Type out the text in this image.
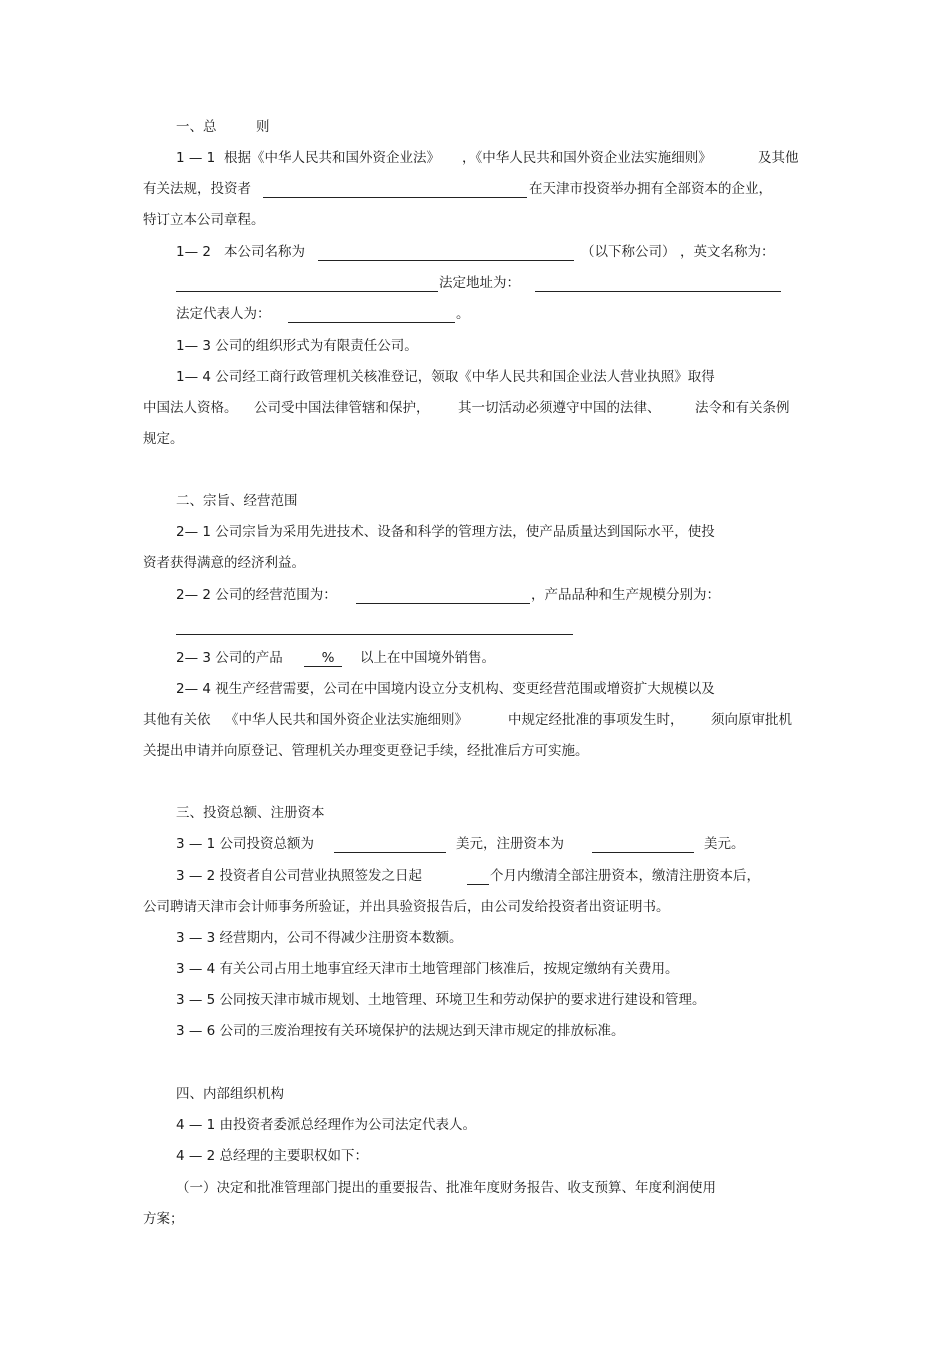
一、总	则
1 — 1 根据《中华人民共和国外资企业法》 ，《中华人民共和国外资企业法实施细则》	及其他
有关法规，投资者	在天津市投资举办拥有全部资本的企业，
特订立本公司章程。
1— 2 本公司名称为	（以下称公司） ，英文名称为：
法定地址为：
法定代表人为：	。
1— 3 公司的组织形式为有限责任公司。
1— 4 公司经工商行政管理机关核准登记，领取《中华人民共和国企业法人营业执照》取得
中国法人资格。 公司受中国法律管辖和保护， 其一切活动必须遵守中国的法律、	法令和有关条例
规定。
二、宗旨、经营范围
2— 1 公司宗旨为采用先进技术、设备和科学的管理方法，使产品质量达到国际水平，使投
资者获得满意的经济利益。
2— 2 公司的经营范围为：	，产品品种和生产规模分别为：
2— 3 公司的产品	%	以上在中国境外销售。
2— 4 视生产经营需要，公司在中国境内设立分支机构、变更经营范围或增资扩大规模以及
其他有关依 《中华人民共和国外资企业法实施细则》	中规定经批准的事项发生时， 须向原审批机
关提出申请并向原登记、管理机关办理变更登记手续，经批准后方可实施。
三、投资总额、注册资本
3 — 1 公司投资总额为	美元，注册资本为	美元。
3 — 2 投资者自公司营业执照签发之日起	个月内缴清全部注册资本，缴清注册资本后，
公司聘请天津市会计师事务所验证，并出具验资报告后，由公司发给投资者出资证明书。
3 — 3 经营期内，公司不得减少注册资本数额。
3 — 4 有关公司占用土地事宜经天津市土地管理部门核准后，按规定缴纳有关费用。
3 — 5 公同按天津市城市规划、土地管理、环境卫生和劳动保护的要求进行建设和管理。
3 — 6 公司的三废治理按有关环境保护的法规达到天津市规定的排放标准。
四、内部组织机构
4 — 1 由投资者委派总经理作为公司法定代表人。
4 — 2 总经理的主要职权如下：
（一）决定和批准管理部门提出的重要报告、批准年度财务报告、收支预算、年度利润使用
方案；
